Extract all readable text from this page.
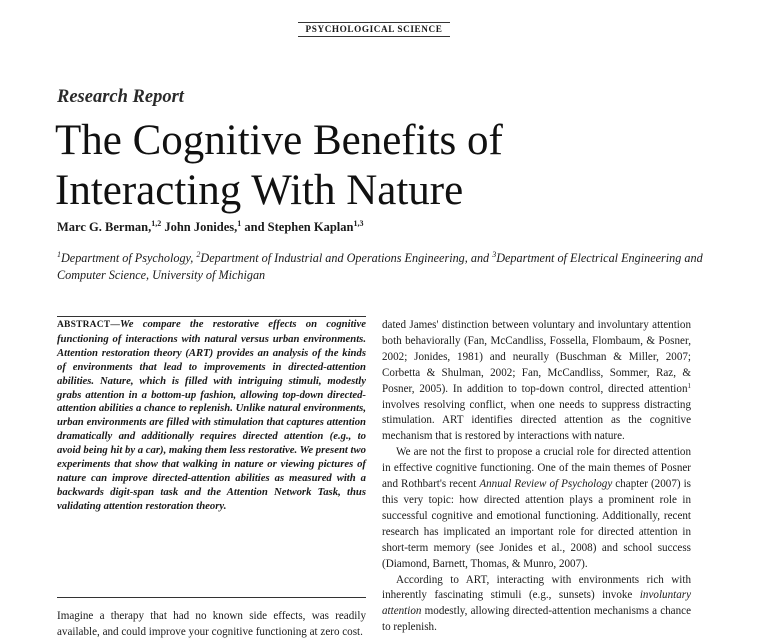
PSYCHOLOGICAL SCIENCE
Research Report
The Cognitive Benefits of
Interacting With Nature
Marc G. Berman,$^{1,2}$ John Jonides,$^1$ and Stephen Kaplan$^{1,3}$
$^1$Department of Psychology, $^2$Department of Industrial and Operations Engineering, and $^3$Department of Electrical Engineering and Computer Science, University of Michigan
ABSTRACT—We compare the restorative effects on cognitive functioning of interactions with natural versus urban environments. Attention restoration theory (ART) provides an analysis of the kinds of environments that lead to improvements in directed-attention abilities. Nature, which is filled with intriguing stimuli, modestly grabs attention in a bottom-up fashion, allowing top-down directed-attention abilities a chance to replenish. Unlike natural environments, urban environments are filled with stimulation that captures attention dramatically and additionally requires directed attention (e.g., to avoid being hit by a car), making them less restorative. We present two experiments that show that walking in nature or viewing pictures of nature can improve directed-attention abilities as measured with a backwards digit-span task and the Attention Network Task, thus validating attention restoration theory.
Imagine a therapy that had no known side effects, was readily available, and could improve your cognitive functioning at zero cost.

dated James' distinction between voluntary and involuntary attention both behaviorally (Fan, McCandliss, Fossella, Flombaum, & Posner, 2002; Jonides, 1981) and neurally (Buschman & Miller, 2007; Corbetta & Shulman, 2002; Fan, McCandliss, Sommer, Raz, & Posner, 2005). In addition to top-down control, directed attention$^1$ involves resolving conflict, when one needs to suppress distracting stimulation. ART identifies directed attention as the cognitive mechanism that is restored by interactions with nature.

We are not the first to propose a crucial role for directed attention in effective cognitive functioning. One of the main themes of Posner and Rothbart's recent Annual Review of Psychology chapter (2007) is this very topic: how directed attention plays a prominent role in successful cognitive and emotional functioning. Additionally, recent research has implicated an important role for directed attention in short-term memory (see Jonides et al., 2008) and school success (Diamond, Barnett, Thomas, & Munro, 2007).

According to ART, interacting with environments rich with inherently fascinating stimuli (e.g., sunsets) invoke involuntary attention modestly, allowing directed-attention mechanisms a chance to replenish.
